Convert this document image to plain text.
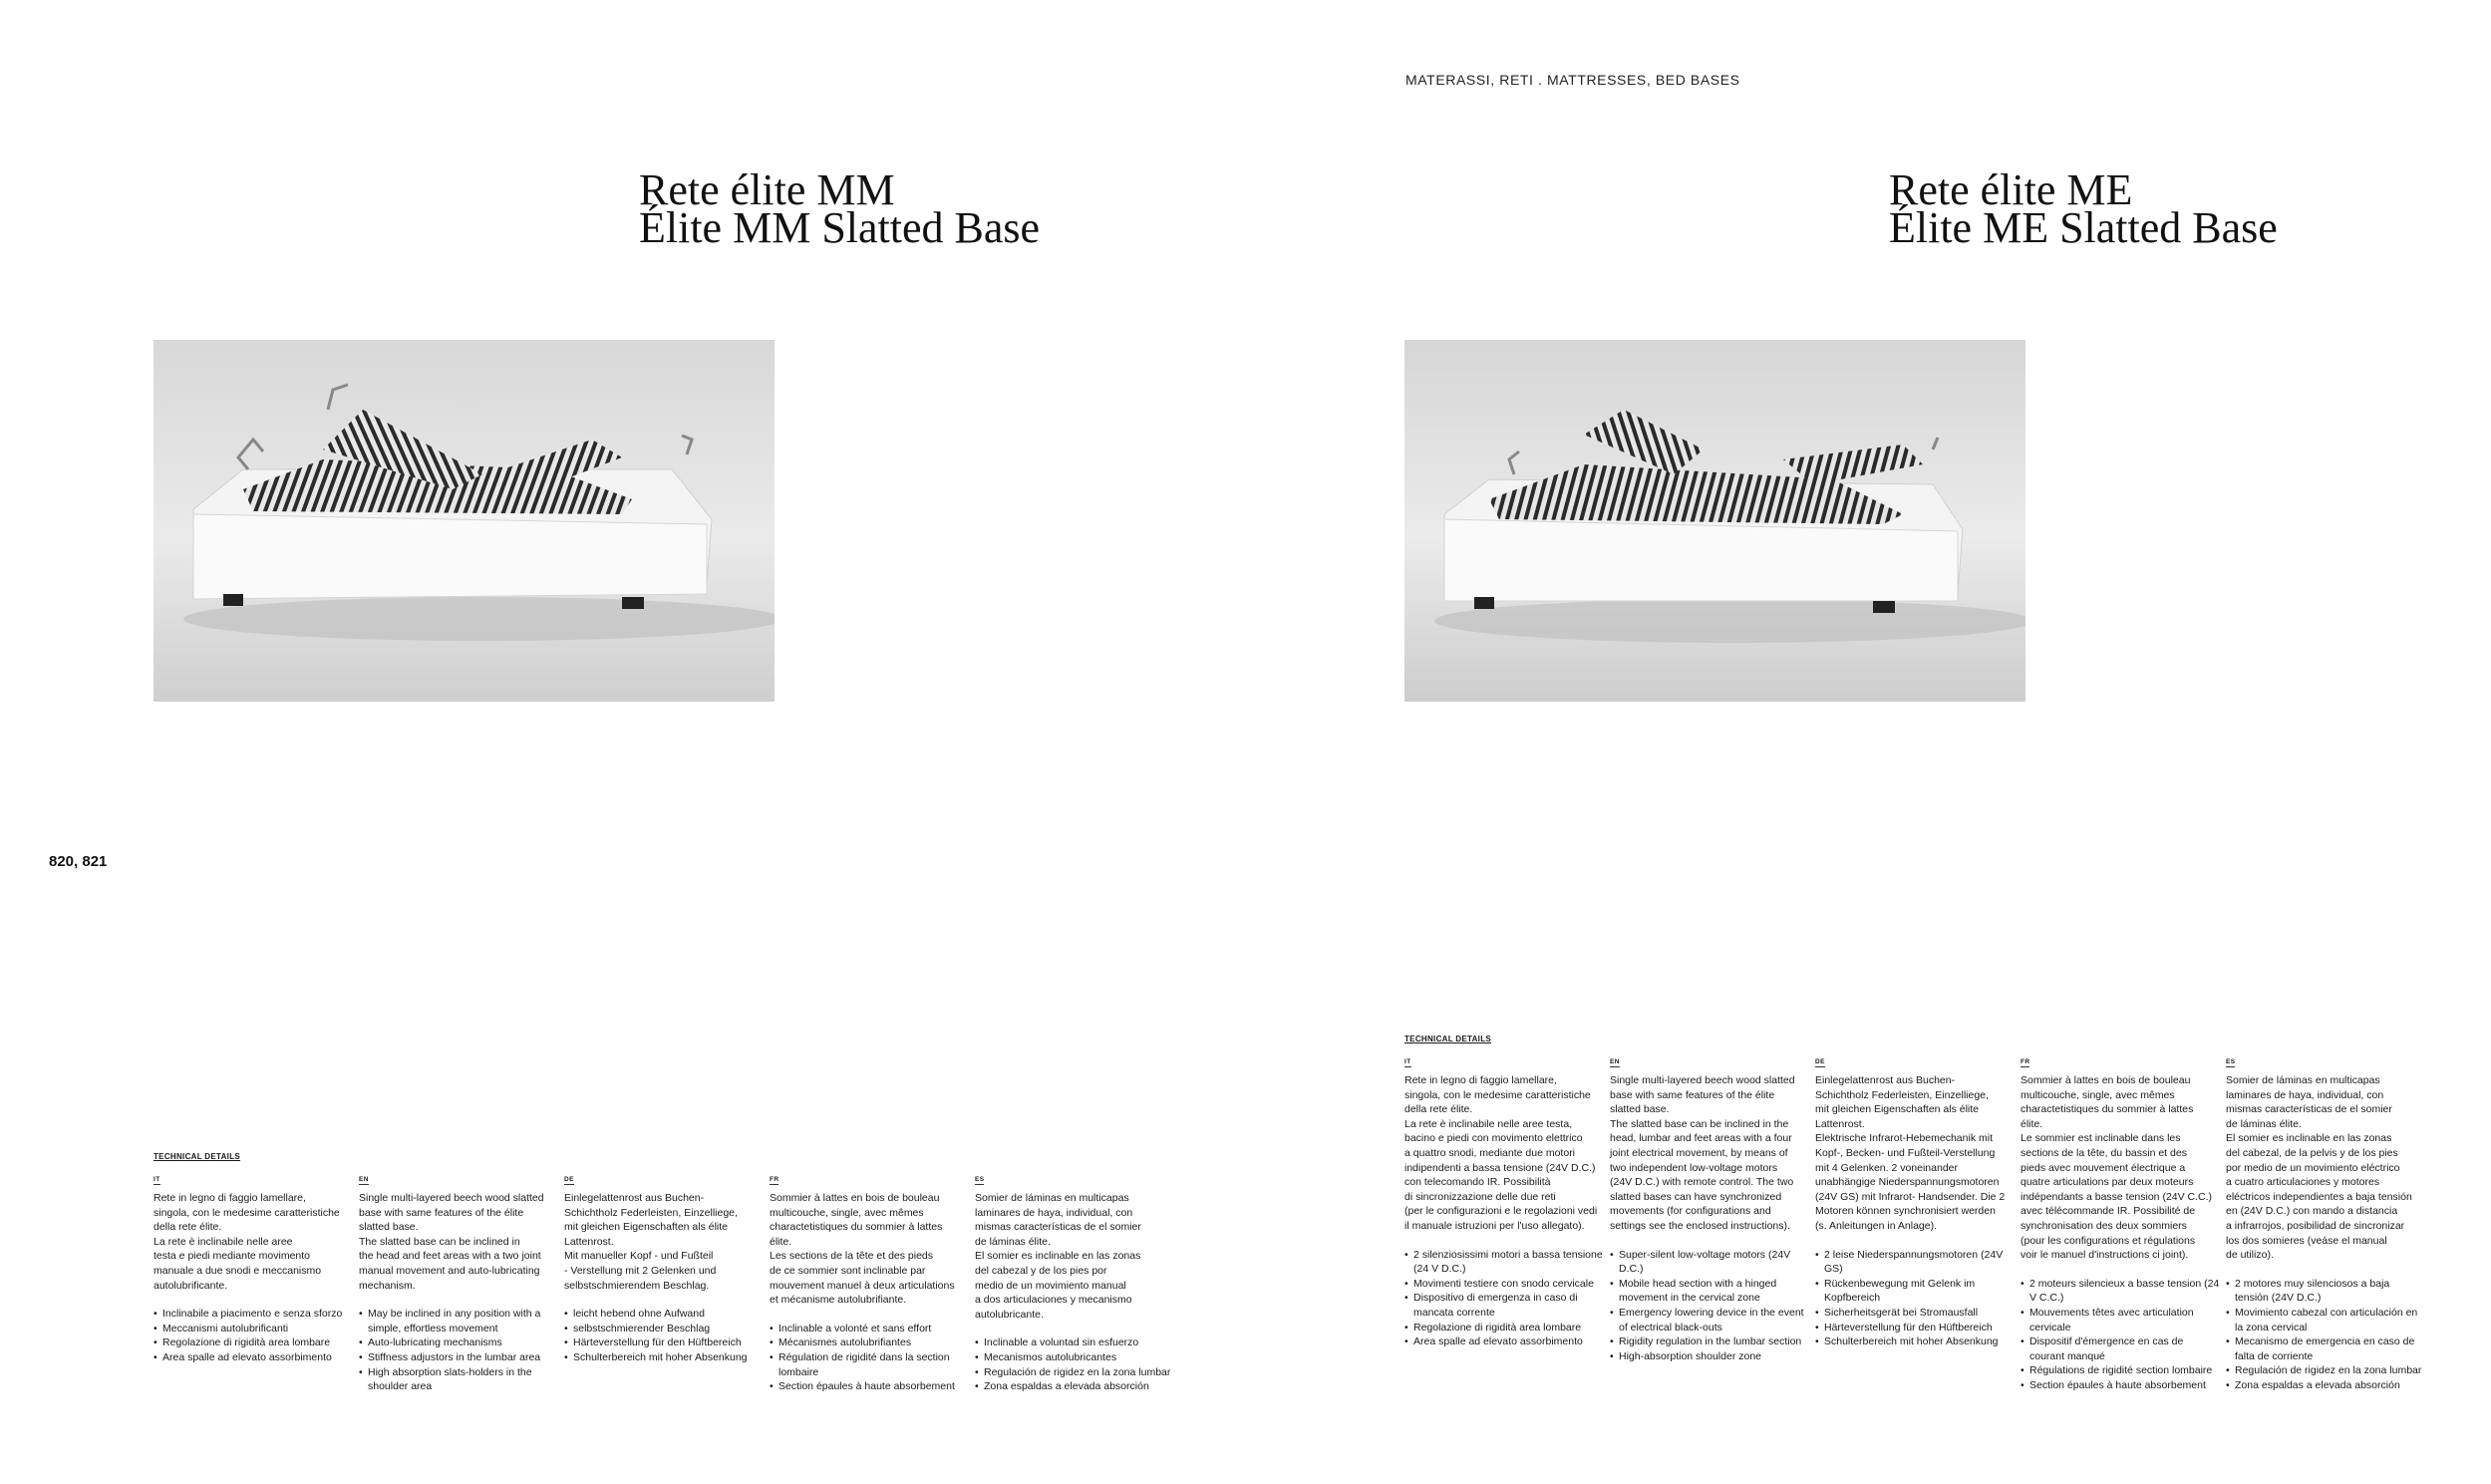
820, 821
Rete élite MM
Élite MM Slatted Base
TECHNICAL DETAILS
IT

Rete in legno di faggio lamellare,
singola, con le medesime caratteristiche
della rete élite.
La rete è inclinabile nelle aree
testa e piedi mediante movimento
manuale a due snodi e meccanismo
autolubrificante.

• Inclinabile a piacimento e senza sforzo
• Meccanismi autolubrificanti
• Regolazione di rigidità area lombare
• Area spalle ad elevato assorbimento
EN

Single multi-layered beech wood slatted
base with same features of the élite
slatted base.
The slatted base can be inclined in
the head and feet areas with a two joint
manual movement and auto-lubricating
mechanism.

• May be inclined in any position with a simple, effortless movement
• Auto-lubricating mechanisms
• Stiffness adjustors in the lumbar area
• High absorption slats-holders in the shoulder area
DE

Einlegelattenrost aus Buchen-
Schichtholz Federleisten, Einzelliege,
mit gleichen Eigenschaften als élite
Lattenrost.
Mit manueller Kopf - und Fußteil
- Verstellung mit 2 Gelenken und
selbstschmierendem Beschlag.

• leicht hebend ohne Aufwand
• selbstschmierender Beschlag
• Härteverstellung für den Hüftbereich
• Schulterbereich mit hoher Absenkung
FR

Sommier à lattes en bois de bouleau
multicouche, single, avec mêmes
charactetistiques du sommier à lattes
élite.
Les sections de la tête et des pieds
de ce sommier sont inclinable par
mouvement manuel à deux articulations
et mécanisme autolubrifiante.

• Inclinable a volonté et sans effort
• Mécanismes autolubrifiantes
• Régulation de rigidité dans la section lombaire
• Section épaules à haute absorbement
ES

Somier de láminas en multicapas
laminares de haya, individual, con
mismas características de el somier
de láminas élite.
El somier es inclinable en las zonas
del cabezal y de los pies por
medio de un movimiento manual
a dos articulaciones y mecanismo
autolubricante.

• Inclinable a voluntad sin esfuerzo
• Mecanismos autolubricantes
• Regulación de rigidez en la zona lumbar
• Zona espaldas a elevada absorción
MATERASSI, RETI . MATTRESSES, BED BASES
Rete élite ME
Élite ME Slatted Base
TECHNICAL DETAILS
IT

Rete in legno di faggio lamellare,
singola, con le medesime caratteristiche
della rete élite.
La rete è inclinabile nelle aree testa,
bacino e piedi con movimento elettrico
a quattro snodi, mediante due motori
indipendenti a bassa tensione (24V D.C.)
con telecomando IR. Possibilità
di sincronizzazione delle due reti
(per le configurazioni e le regolazioni vedi
il manuale istruzioni per l'uso allegato).

• 2 silenziosissimi motori a bassa tensione (24 V D.C.)
• Movimenti testiere con snodo cervicale
• Dispositivo di emergenza in caso di mancata corrente
• Regolazione di rigidità area lombare
• Area spalle ad elevato assorbimento
EN

Single multi-layered beech wood slatted
base with same features of the élite
slatted base.
The slatted base can be inclined in the
head, lumbar and feet areas with a four
joint electrical movement, by means of
two independent low-voltage motors
(24V D.C.) with remote control. The two
slatted bases can have synchronized
movements (for configurations and
settings see the enclosed instructions).

• Super-silent low-voltage motors (24V D.C.)
• Mobile head section with a hinged movement in the cervical zone
• Emergency lowering device in the event of electrical black-outs
• Rigidity regulation in the lumbar section
• High-absorption shoulder zone
DE

Einlegelattenrost aus Buchen-
Schichtholz Federleisten, Einzelliege,
mit gleichen Eigenschaften als élite
Lattenrost.
Elektrische Infrarot-Hebemechanik mit
Kopf-, Becken- und Fußteil-Verstellung
mit 4 Gelenken. 2 voneinander
unabhängige Niederspannungsmotoren
(24V GS) mit Infrarot- Handsender. Die 2
Motoren können synchronisiert werden
(s. Anleitungen in Anlage).

• 2 leise Niederspannungsmotoren (24V GS)
• Rückenbewegung mit Gelenk im Kopfbereich
• Sicherheitsgerät bei Stromausfall
• Härteverstellung für den Hüftbereich
• Schulterbereich mit hoher Absenkung
FR

Sommier à lattes en bois de bouleau
multicouche, single, avec mêmes
charactetistiques du sommier à lattes
élite.
Le sommier est inclinable dans les
sections de la tête, du bassin et des
pieds avec mouvement électrique a
quatre articulations par deux moteurs
indépendants a basse tension (24V C.C.)
avec télécommande IR. Possibilité de
synchronisation des deux sommiers
(pour les configurations et régulations
voir le manuel d'instructions ci joint).

• 2 moteurs silencieux a basse tension (24 V C.C.)
• Mouvements têtes avec articulation cervicale
• Dispositif d'émergence en cas de courant manqué
• Régulations de rigidité section lombaire
• Section épaules à haute absorbement
ES

Somier de láminas en multicapas
laminares de haya, individual, con
mismas características de el somier
de láminas élite.
El somier es inclinable en las zonas
del cabezal, de la pelvis y de los pies
por medio de un movimiento eléctrico
a cuatro articulaciones y motores
eléctricos independientes a baja tensión
en (24V D.C.) con mando a distancia
a infrarrojos, posibilidad de sincronizar
los dos somieres (veáse el manual
de utilizo).

• 2 motores muy silenciosos a baja tensión (24V D.C.)
• Movimiento cabezal con articulación en la zona cervical
• Mecanismo de emergencia en caso de falta de corriente
• Regulación de rigidez en la zona lumbar
• Zona espaldas a elevada absorción
